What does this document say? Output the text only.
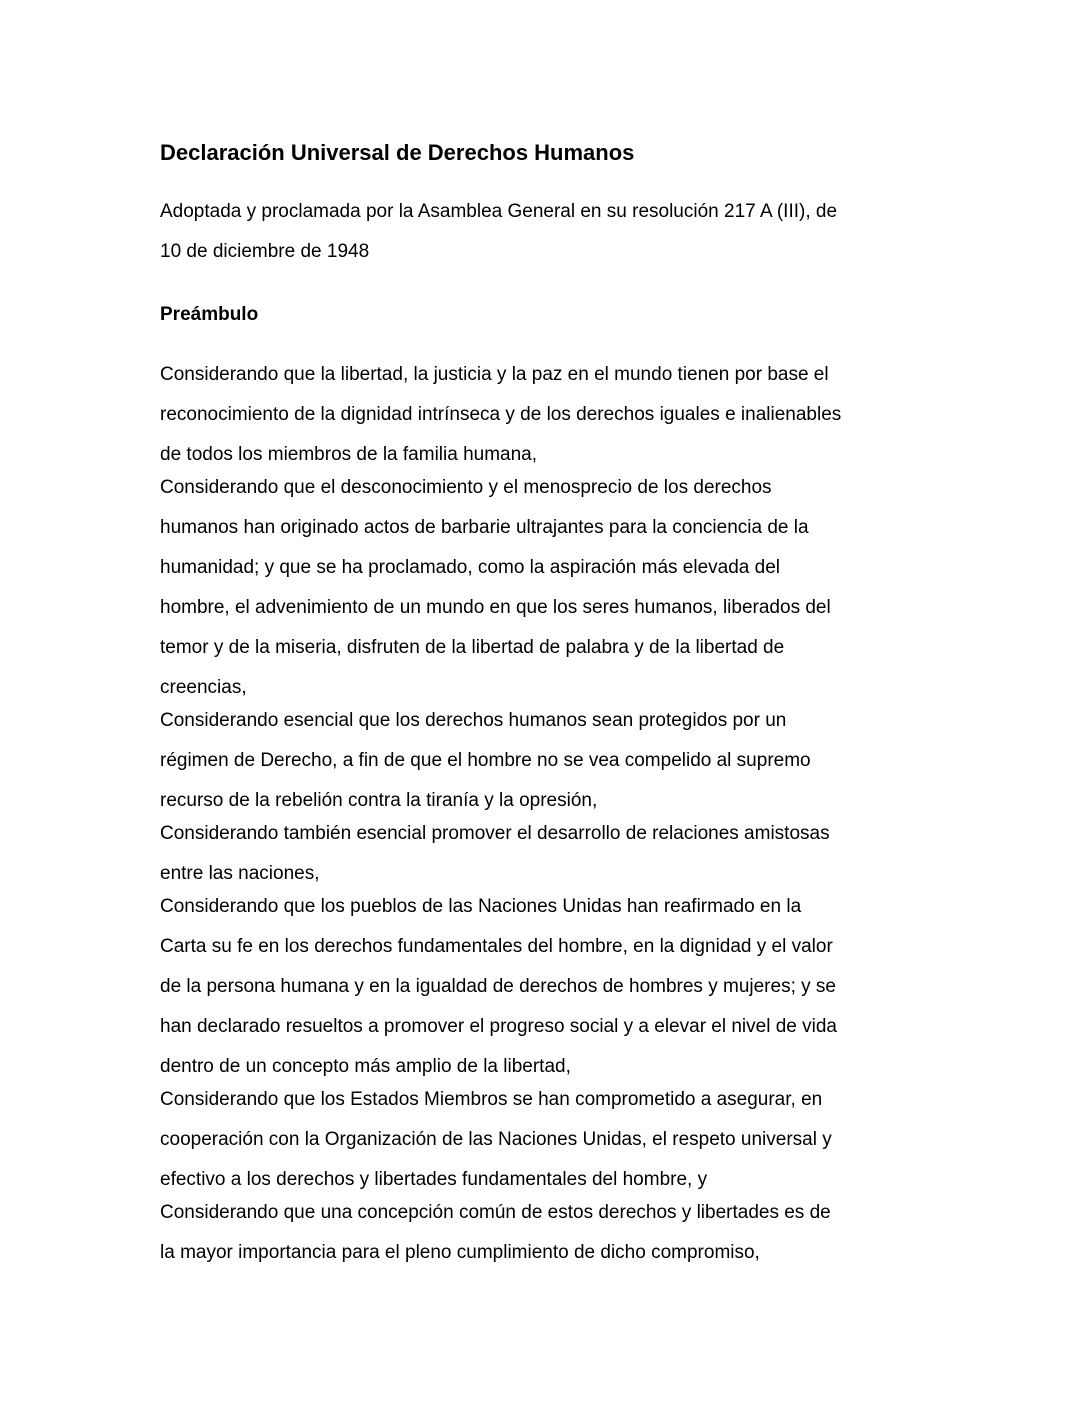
Declaración Universal de Derechos Humanos
Adoptada y proclamada por la Asamblea General en su resolución 217 A (III), de
10 de diciembre de 1948
Preámbulo
Considerando que la libertad, la justicia y la paz en el mundo tienen por base el
reconocimiento de la dignidad intrínseca y de los derechos iguales e inalienables
de todos los miembros de la familia humana,
Considerando que el desconocimiento y el menosprecio de los derechos
humanos han originado actos de barbarie ultrajantes para la conciencia de la
humanidad; y que se ha proclamado, como la aspiración más elevada del
hombre, el advenimiento de un mundo en que los seres humanos, liberados del
temor y de la miseria, disfruten de la libertad de palabra y de la libertad de
creencias,
Considerando esencial que los derechos humanos sean protegidos por un
régimen de Derecho, a fin de que el hombre no se vea compelido al supremo
recurso de la rebelión contra la tiranía y la opresión,
Considerando también esencial promover el desarrollo de relaciones amistosas
entre las naciones,
Considerando que los pueblos de las Naciones Unidas han reafirmado en la
Carta su fe en los derechos fundamentales del hombre, en la dignidad y el valor
de la persona humana y en la igualdad de derechos de hombres y mujeres; y se
han declarado resueltos a promover el progreso social y a elevar el nivel de vida
dentro de un concepto más amplio de la libertad,
Considerando que los Estados Miembros se han comprometido a asegurar, en
cooperación con la Organización de las Naciones Unidas, el respeto universal y
efectivo a los derechos y libertades fundamentales del hombre, y
Considerando que una concepción común de estos derechos y libertades es de
la mayor importancia para el pleno cumplimiento de dicho compromiso,
